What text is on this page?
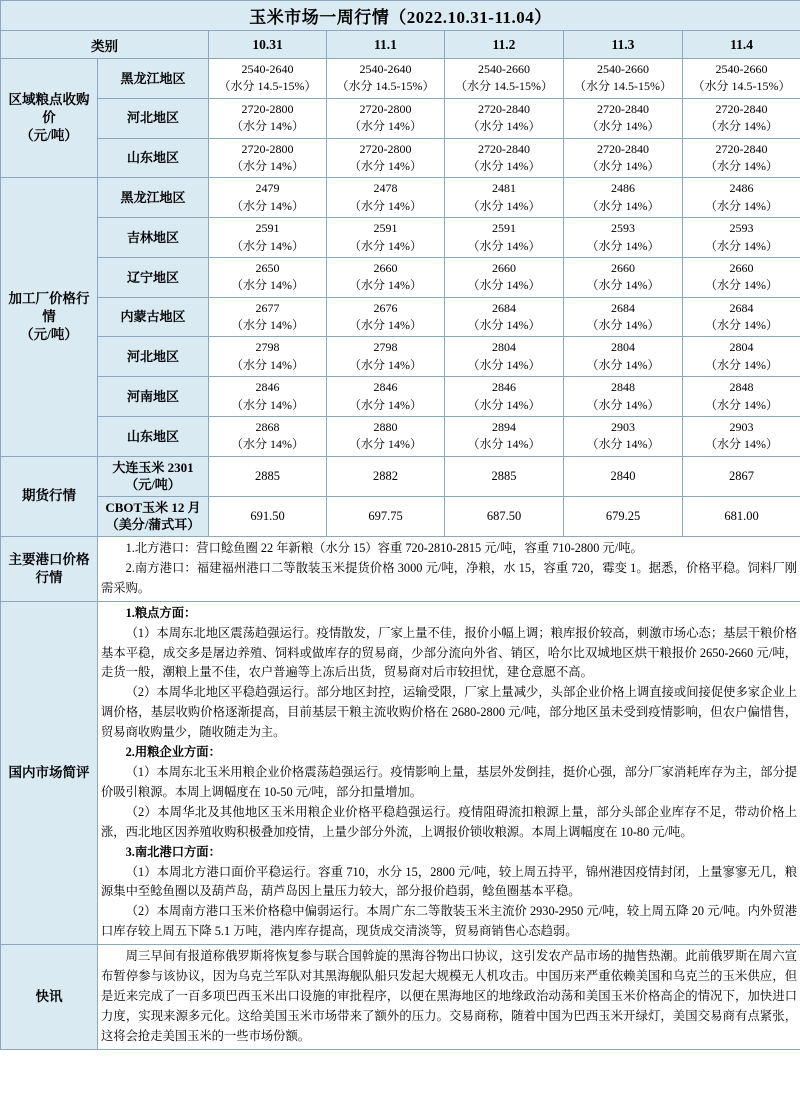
玉米市场一周行情（2022.10.31-11.04）						
类别		10.31	11.1	11.2	11.3	11.4

区域粮点收购价
（元/吨）
	黑龙江地区	2540-2640
（水分 14.5-15%）
	2540-2640
（水分 14.5-15%）
	2540-2660
（水分 14.5-15%）
	2540-2660
（水分 14.5-15%）
	2540-2660
（水分 14.5-15%）

	河北地区	2720-2800
（水分 14%）	2720-2800
（水分 14%）	2720-2840
（水分 14%）	2720-2840
（水分 14%）	2720-2840
（水分 14%）

	山东地区	2720-2800
（水分 14%）	2720-2800
（水分 14%）	2720-2840
（水分 14%）	2720-2840
（水分 14%）	2720-2840
（水分 14%）

加工厂价格行情
（元/吨）
	黑龙江地区	2479
（水分 14%）
	2478
（水分 14%）
	2481
（水分 14%）
	2486
（水分 14%）
	2486
（水分 14%）

	吉林地区	2591
（水分 14%）	2591
（水分 14%）	2591
（水分 14%）	2593
（水分 14%）	2593
（水分 14%）

	辽宁地区	2650
（水分 14%）	2660
（水分 14%）	2660
（水分 14%）	2660
（水分 14%）	2660
（水分 14%）

	内蒙古地区	2677
（水分 14%）	2676
（水分 14%）	2684
（水分 14%）	2684
（水分 14%）	2684
（水分 14%）

	河北地区	2798
（水分 14%）	2798
（水分 14%）	2804
（水分 14%）	2804
（水分 14%）	2804
（水分 14%）

	河南地区	2846
（水分 14%）	2846
（水分 14%）	2846
（水分 14%）	2848
（水分 14%）	2848
（水分 14%）

	山东地区	2868
（水分 14%）	2880
（水分 14%）	2894
（水分 14%）	2903
（水分 14%）	2903
（水分 14%）

期货行情	大连玉米 2301
（元/吨）	2885	2882	2885	2840	2867

	CBOT玉米 12 月
（美分/蒲式耳）	691.50	697.75	687.50	679.25	681.00

主要港口价格
行情

1.北方港口：营口鲶鱼圈 22 年新粮（水分 15）容重 720-2810-2815 元/吨，容重 710-2800 元/吨。

2.南方港口：福建福州港口二等散装玉米提货价格 3000 元/吨，净粮，水 15，容重 720，霉变 1。据悉，价格平稳。饲料厂刚需采购。

国内市场简评	

1.粮点方面：

（1）本周东北地区震荡趋强运行。疫情散发，厂家上量不佳，报价小幅上调；粮库报价较高，刺激市场心态；基层干粮价格基本平稳，成交多是屠边养殖、饲料或做库存的贸易商，少部分流向外省、销区，哈尔比双城地区烘干粮报价 2650-2660 元/吨，走货一般，潮粮上量不佳，农户普遍等上冻后出货，贸易商对后市较担忧，建仓意愿不高。

（2）本周华北地区平稳趋强运行。部分地区封控，运输受限，厂家上量减少，头部企业价格上调直接或间接促使多家企业上调价格，基层收购价格逐渐提高，目前基层干粮主流收购价格在 2680-2800 元/吨，部分地区虽未受到疫情影响，但农户偏惜售，贸易商收购量少，随收随走为主。

2.用粮企业方面：

（1）本周东北玉米用粮企业价格震荡趋强运行。疫情影响上量，基层外发倒挂，挺价心强，部分厂家消耗库存为主，部分提价吸引粮源。本周上调幅度在 10-50 元/吨，部分扣量增加。

（2）本周华北及其他地区玉米用粮企业价格平稳趋强运行。疫情阻碍流扣粮源上量，部分头部企业库存不足，带动价格上涨，西北地区因养殖收购积极叠加疫情，上量少部分外流，上调报价锁收粮源。本周上调幅度在 10-80 元/吨。

3.南北港口方面：

（1）本周北方港口面价平稳运行。容重 710，水分 15，2800 元/吨，较上周五持平，锦州港因疫情封闭，上量寥寥无几，粮源集中至鲶鱼圈以及葫芦岛，葫芦岛因上量压力较大，部分报价趋弱，鲶鱼圈基本平稳。

（2）本周南方港口玉米价格稳中偏弱运行。本周广东二等散装玉米主流价 2930-2950 元/吨，较上周五降 20 元/吨。内外贸港口库存较上周五下降 5.1 万吨，港内库存提高，现货成交清淡等，贸易商销售心态趋弱。

快讯	周三早间有报道称俄罗斯将恢复参与联合国斡旋的黑海谷物出口协议，这引发农产品市场的抛售热潮。此前俄罗斯在周六宣布暂停参与该协议，因为乌克兰军队对其黑海舰队船只发起大规模无人机攻击。中国历来严重依赖美国和乌克兰的玉米供应，但是近来完成了一百多项巴西玉米出口设施的审批程序，以便在黑海地区的地缘政治动荡和美国玉米价格高企的情况下，加快进口力度，实现来源多元化。这给美国玉米市场带来了额外的压力。交易商称，随着中国为巴西玉米开绿灯，美国交易商有点紧张，这将会抢走美国玉米的一些市场份额。					
